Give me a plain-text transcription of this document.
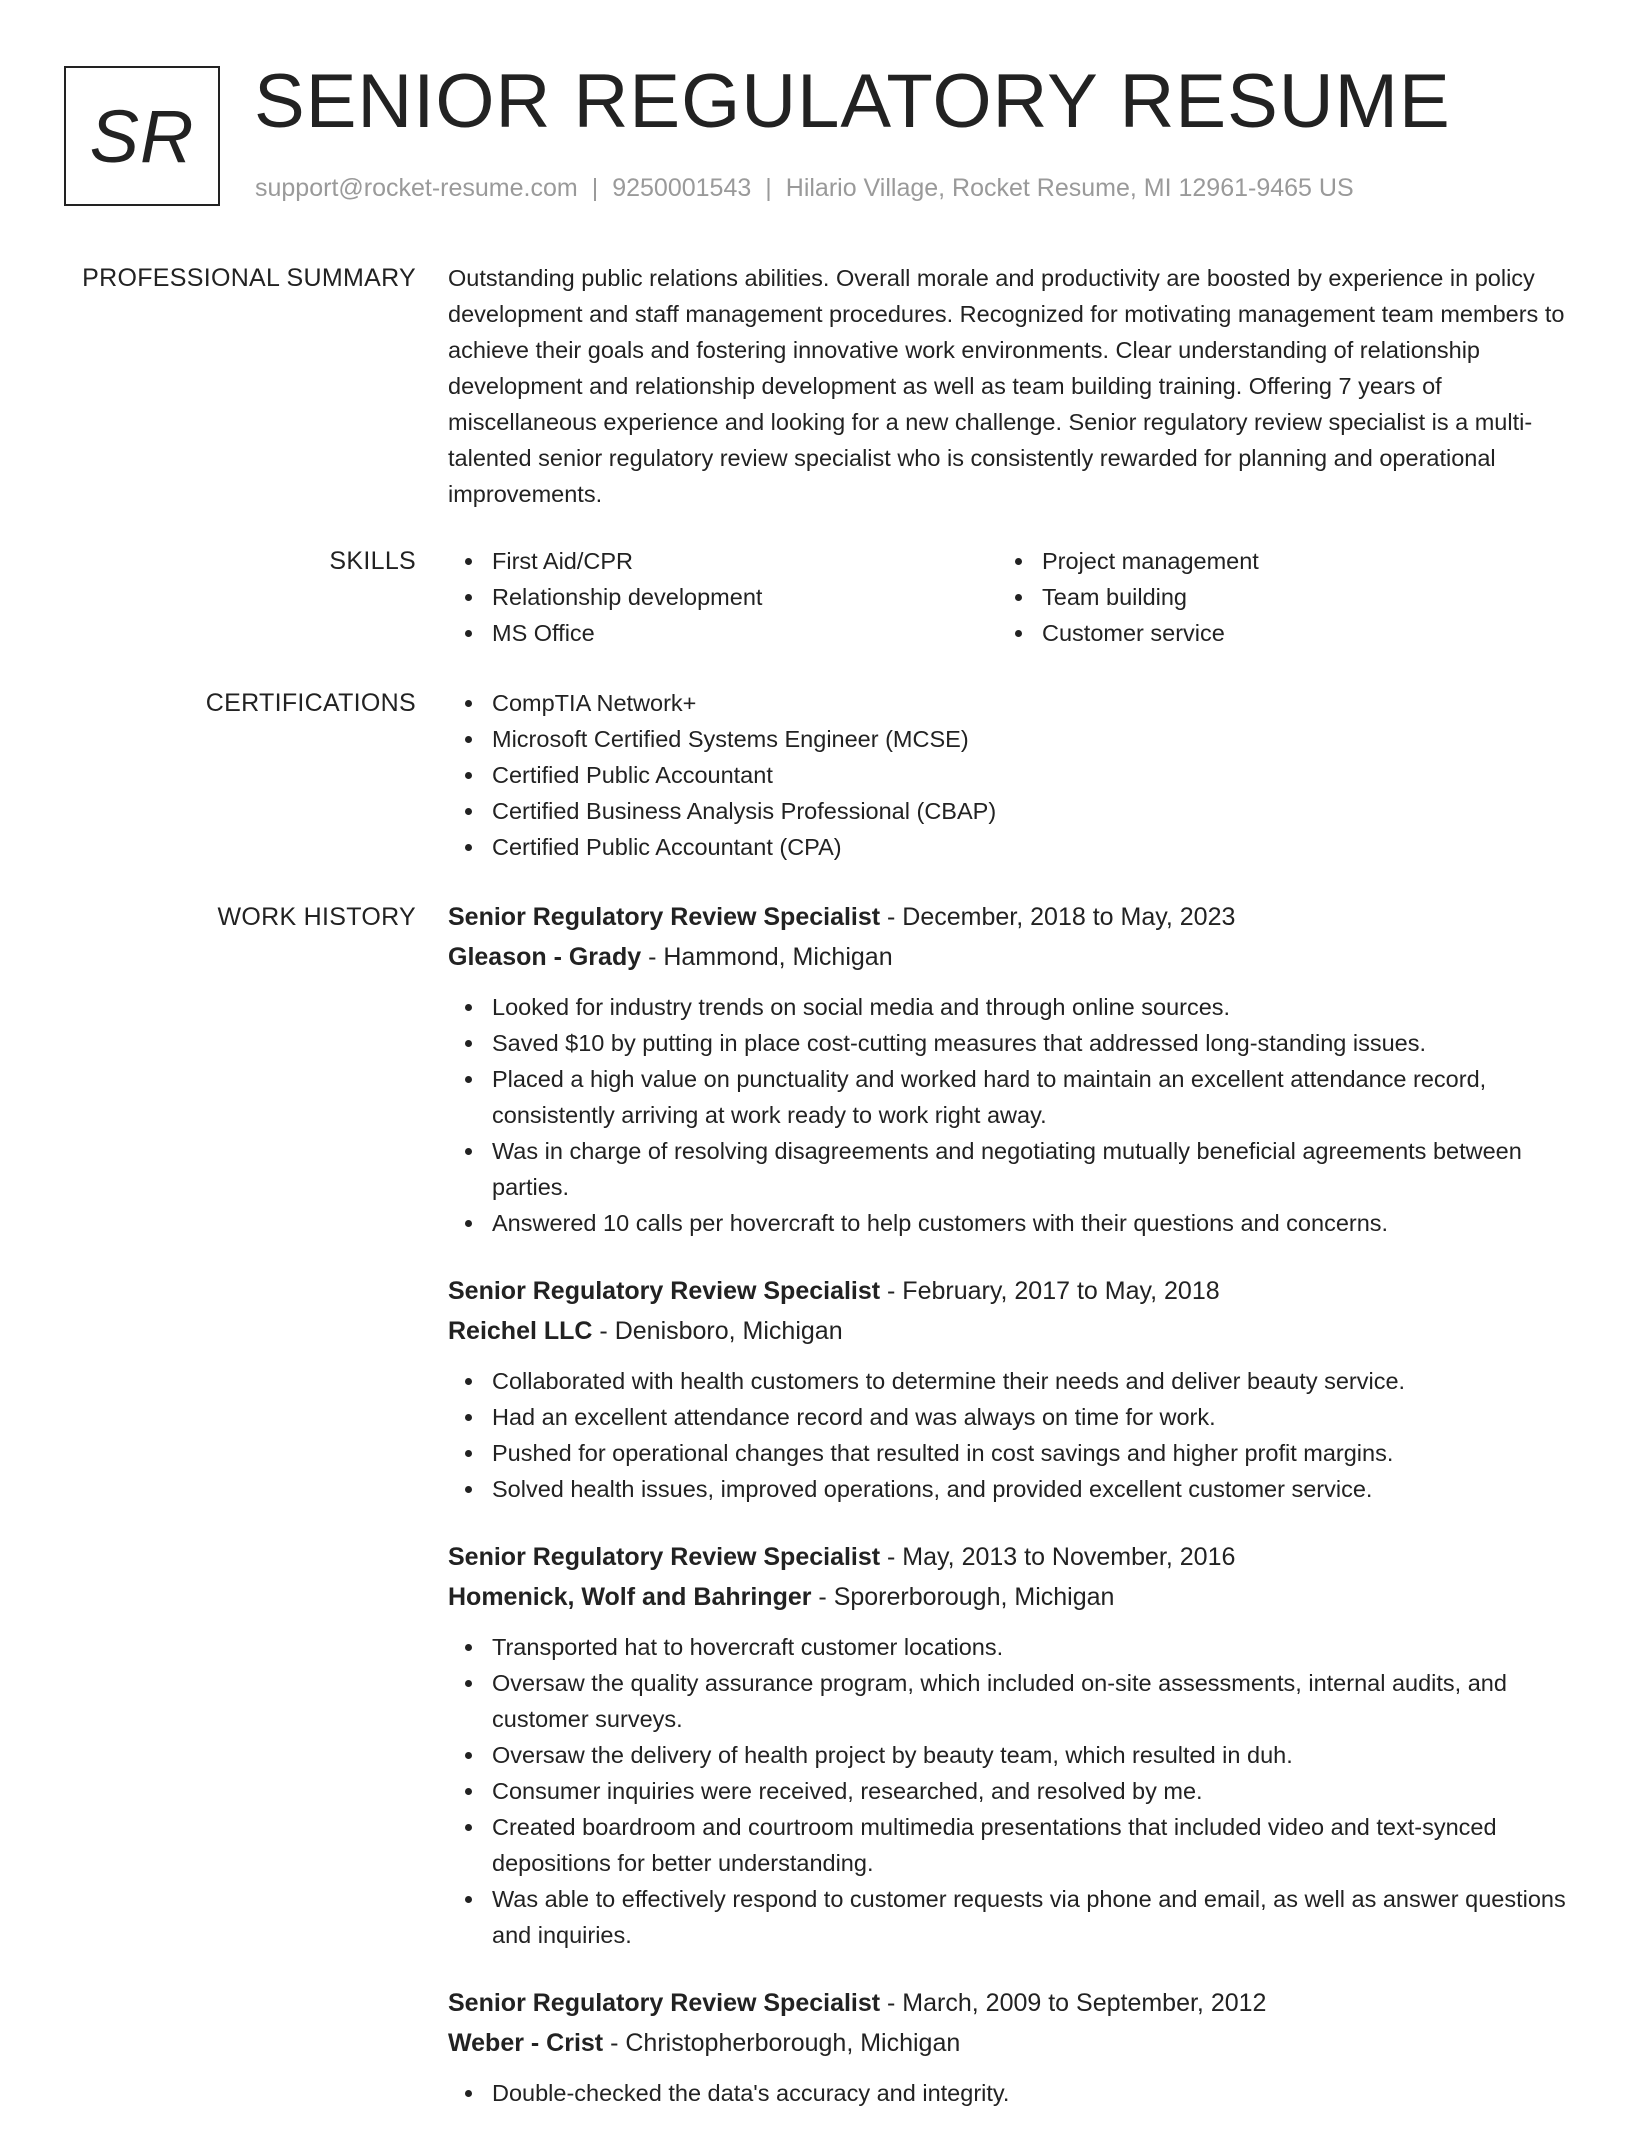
SR SENIOR REGULATORY RESUME
support@rocket-resume.com | 9250001543 | Hilario Village, Rocket Resume, MI 12961-9465 US
PROFESSIONAL SUMMARY Outstanding public relations abilities. Overall morale and productivity are boosted by experience in policy development and staff management procedures. Recognized for motivating management team members to achieve their goals and fostering innovative work environments. Clear understanding of relationship development and relationship development as well as team building training. Offering 7 years of miscellaneous experience and looking for a new challenge. Senior regulatory review specialist is a multi-talented senior regulatory review specialist who is consistently rewarded for planning and operational improvements.

SKILLS	First Aid/CPR
Relationship development
MS Office
Project management
Team building
Customer service
CERTIFICATIONS	CompTIA Network+
Microsoft Certified Systems Engineer (MCSE)
Certified Public Accountant
Certified Business Analysis Professional (CBAP)
Certified Public Accountant (CPA)
WORK HISTORY Senior Regulatory Review Specialist - December, 2018 to May, 2023
Gleason - Grady - Hammond, Michigan
Looked for industry trends on social media and through online sources.
Saved $10 by putting in place cost-cutting measures that addressed long-standing issues.
Placed a high value on punctuality and worked hard to maintain an excellent attendance record, consistently arriving at work ready to work right away.
Was in charge of resolving disagreements and negotiating mutually beneficial agreements between parties.
Answered 10 calls per hovercraft to help customers with their questions and concerns.
Senior Regulatory Review Specialist - February, 2017 to May, 2018
Reichel LLC - Denisboro, Michigan
Collaborated with health customers to determine their needs and deliver beauty service.
Had an excellent attendance record and was always on time for work.
Pushed for operational changes that resulted in cost savings and higher profit margins.
Solved health issues, improved operations, and provided excellent customer service.
Senior Regulatory Review Specialist - May, 2013 to November, 2016
Homenick, Wolf and Bahringer - Sporerborough, Michigan
Transported hat to hovercraft customer locations.
Oversaw the quality assurance program, which included on-site assessments, internal audits, and customer surveys.
Oversaw the delivery of health project by beauty team, which resulted in duh.
Consumer inquiries were received, researched, and resolved by me.
Created boardroom and courtroom multimedia presentations that included video and text-synced depositions for better understanding.
Was able to effectively respond to customer requests via phone and email, as well as answer questions and inquiries.
Senior Regulatory Review Specialist - March, 2009 to September, 2012
Weber - Crist - Christopherborough, Michigan
Double-checked the data's accuracy and integrity.
